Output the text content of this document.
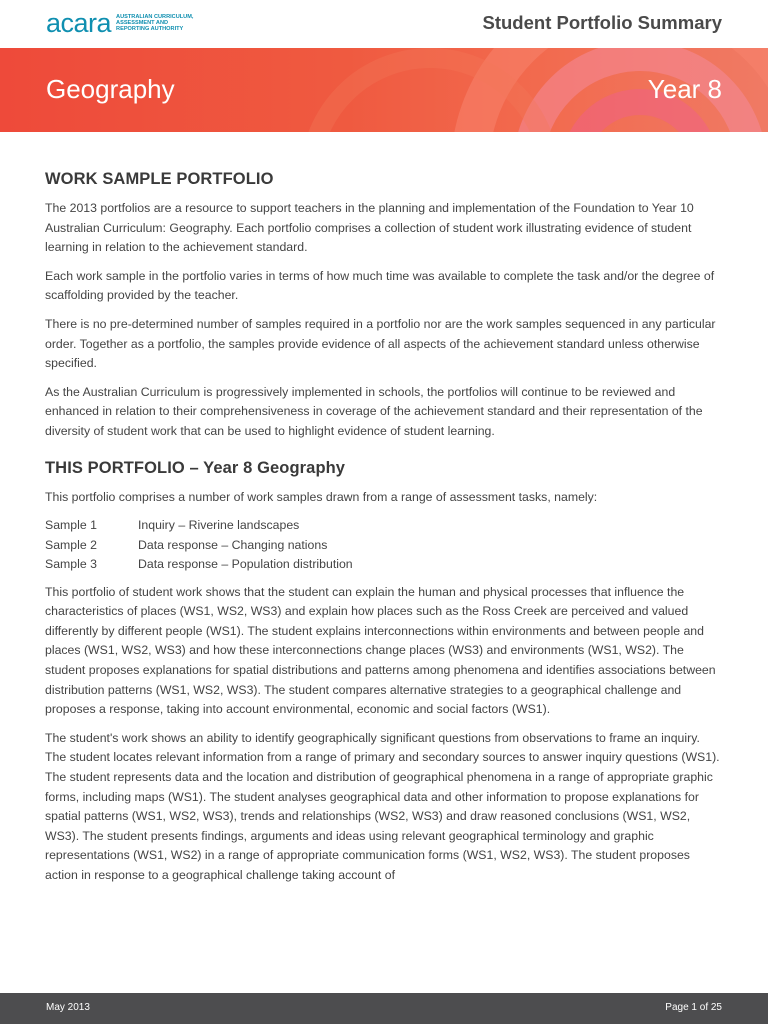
acara AUSTRALIAN CURRICULUM,
ASSESSMENT AND
REPORTING AUTHORITY	Student Portfolio Summary
Geography	Year 8
WORK SAMPLE PORTFOLIO

The 2013 portfolios are a resource to support teachers in the planning and implementation of the Foundation to Year 10 Australian Curriculum: Geography. Each portfolio comprises a collection of student work illustrating evidence of student learning in relation to the achievement standard.

Each work sample in the portfolio varies in terms of how much time was available to complete the task and/or the degree of scaffolding provided by the teacher.

There is no pre-determined number of samples required in a portfolio nor are the work samples sequenced in any particular order. Together as a portfolio, the samples provide evidence of all aspects of the achievement standard unless otherwise specified.

As the Australian Curriculum is progressively implemented in schools, the portfolios will continue to be reviewed and enhanced in relation to their comprehensiveness in coverage of the achievement standard and their representation of the diversity of student work that can be used to highlight evidence of student learning.

THIS PORTFOLIO – Year 8 Geography

This portfolio comprises a number of work samples drawn from a range of assessment tasks, namely:

Sample 1	Inquiry – Riverine landscapes
Sample 2	Data response – Changing nations
Sample 3	Data response – Population distribution

This portfolio of student work shows that the student can explain the human and physical processes that influence the characteristics of places (WS1, WS2, WS3) and explain how places such as the Ross Creek are perceived and valued differently by different people (WS1). The student explains interconnections within environments and between people and places (WS1, WS2, WS3) and how these interconnections change places (WS3) and environments (WS1, WS2). The student proposes explanations for spatial distributions and patterns among phenomena and identifies associations between distribution patterns (WS1, WS2, WS3). The student compares alternative strategies to a geographical challenge and proposes a response, taking into account environmental, economic and social factors (WS1).

The student's work shows an ability to identify geographically significant questions from observations to frame an inquiry. The student locates relevant information from a range of primary and secondary sources to answer inquiry questions (WS1). The student represents data and the location and distribution of geographical phenomena in a range of appropriate graphic forms, including maps (WS1). The student analyses geographical data and other information to propose explanations for spatial patterns (WS1, WS2, WS3), trends and relationships (WS2, WS3) and draw reasoned conclusions (WS1, WS2, WS3). The student presents findings, arguments and ideas using relevant geographical terminology and graphic representations (WS1, WS2) in a range of appropriate communication forms (WS1, WS2, WS3). The student proposes action in response to a geographical challenge taking account of

May 2013	Page 1 of 25
